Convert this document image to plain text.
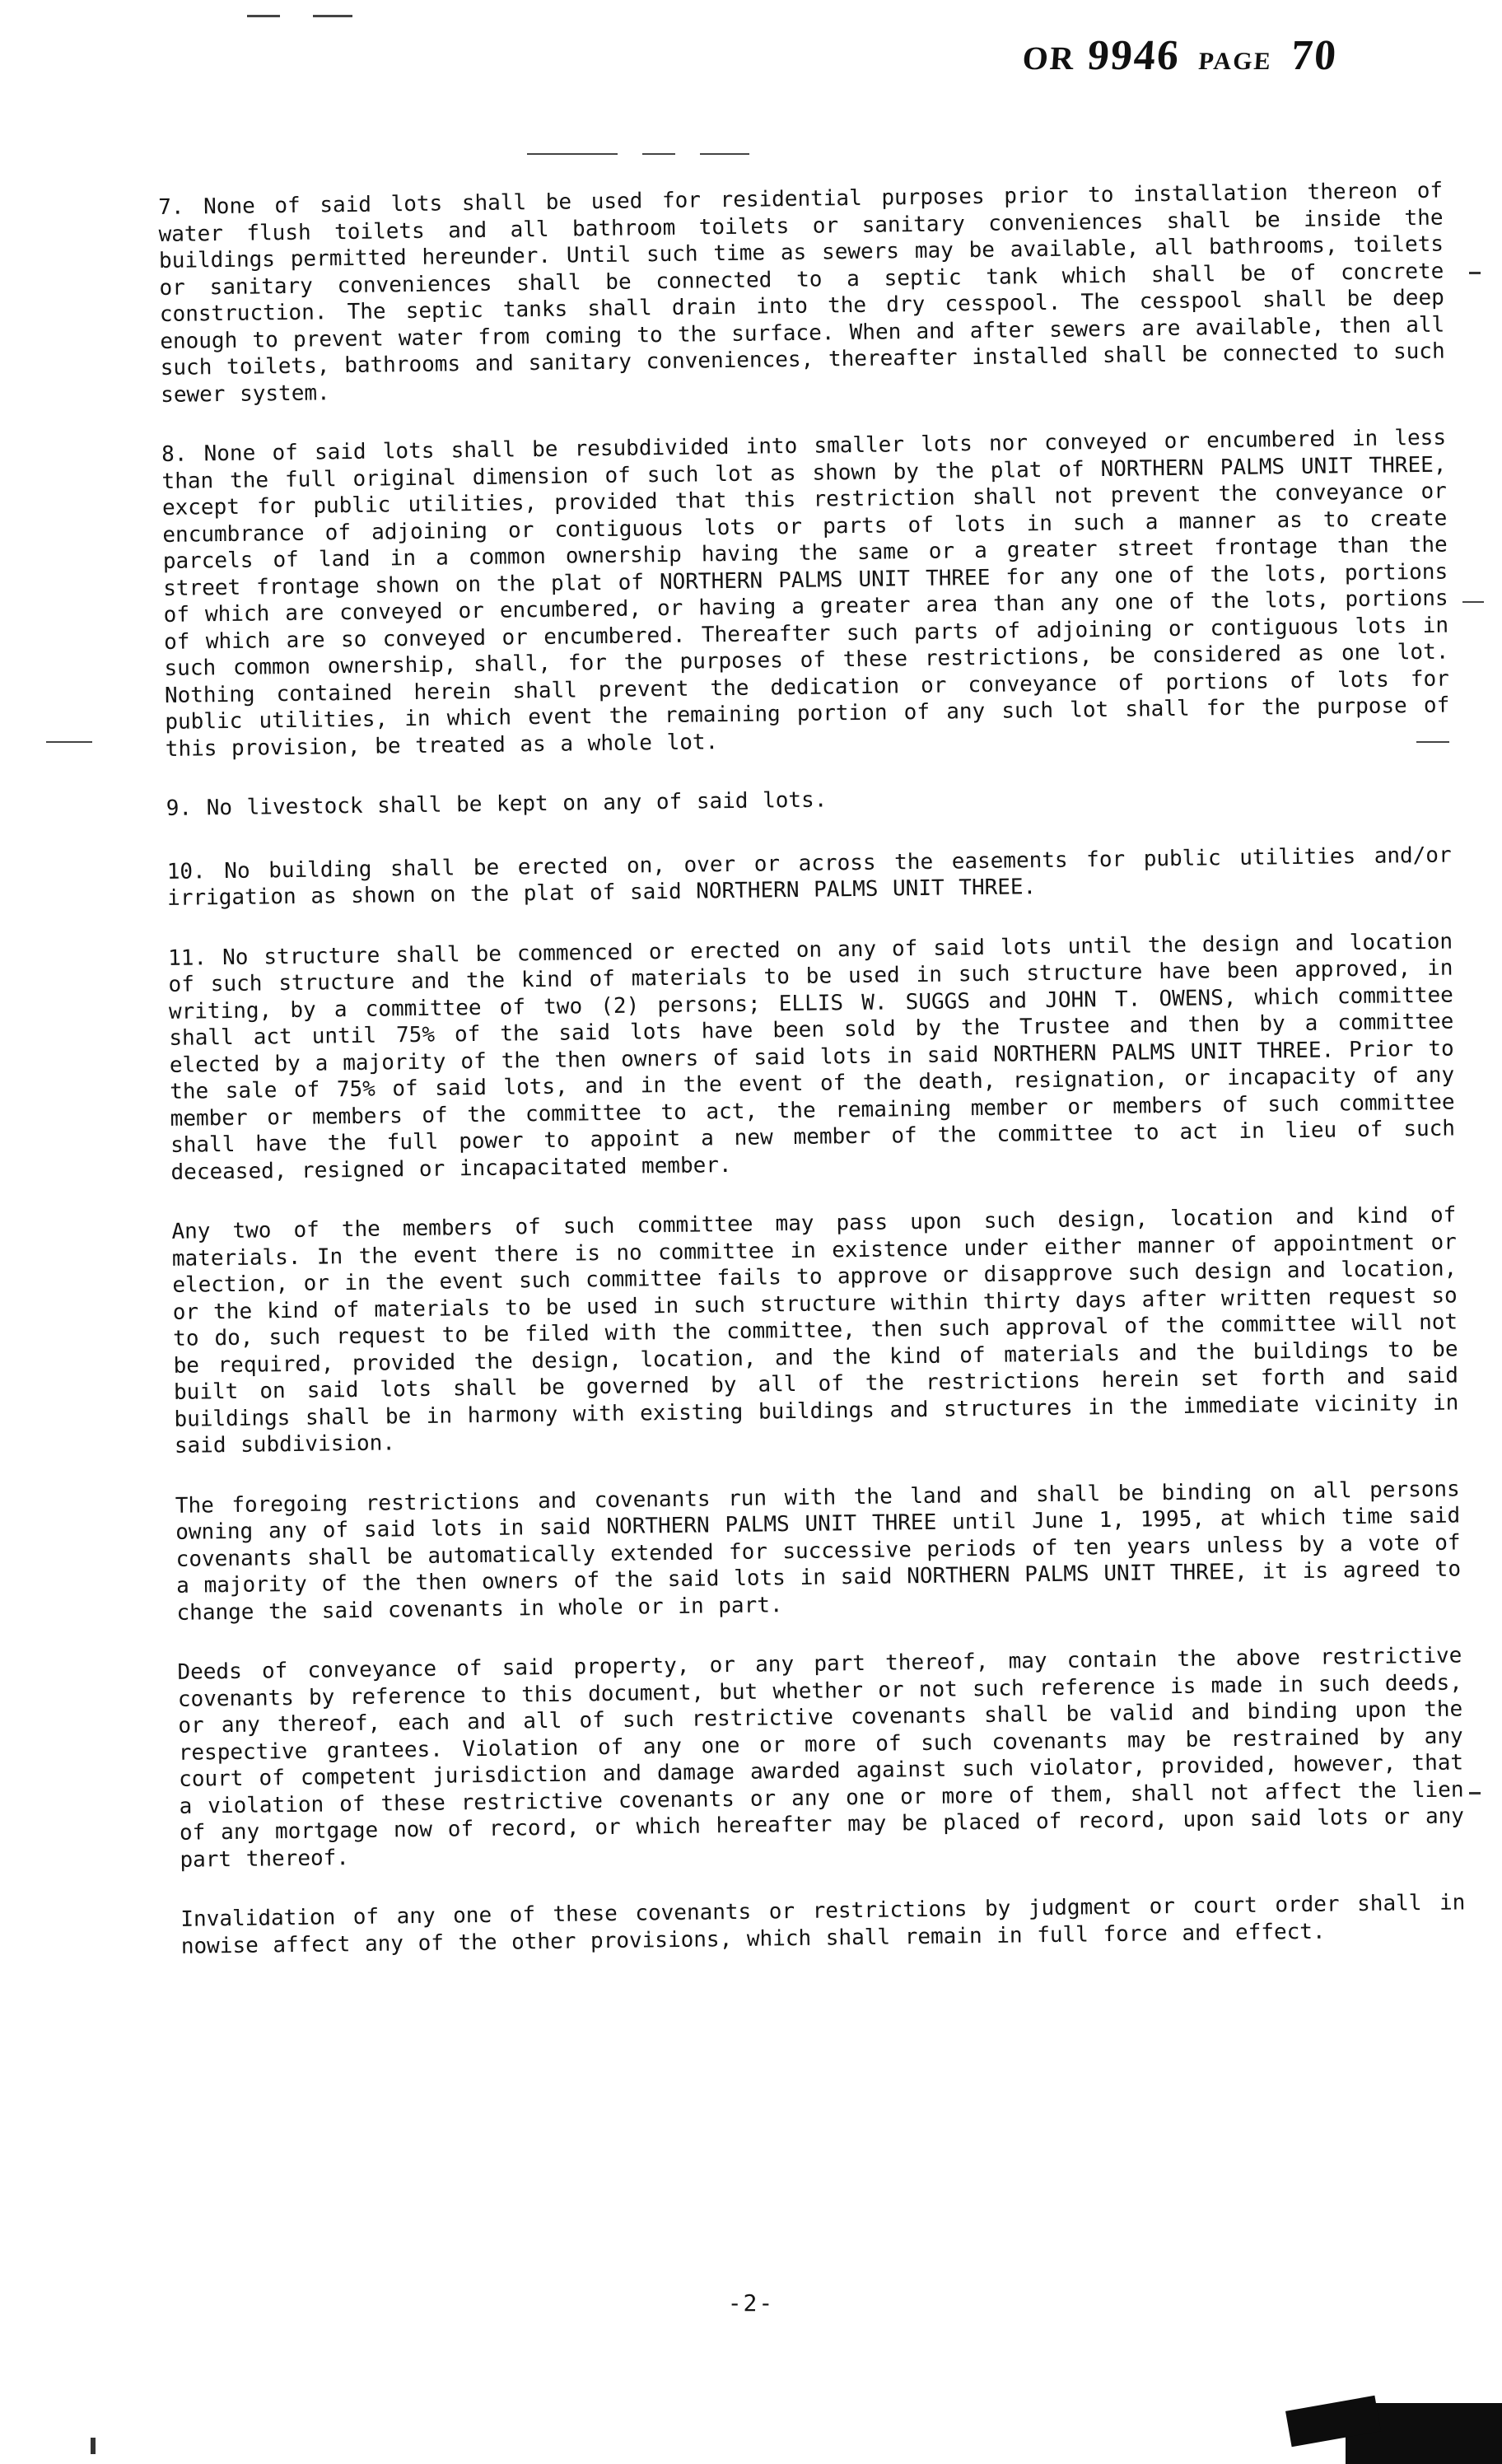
OR 9946 PAGE 70

7. None of said lots shall be used for residential purposes prior to installation thereon of water flush toilets and all bathroom toilets or sanitary conveniences shall be inside the buildings permitted hereunder. Until such time as sewers may be available, all bathrooms, toilets or sanitary conveniences shall be connected to a septic tank which shall be of concrete construction. The septic tanks shall drain into the dry cesspool. The cesspool shall be deep enough to prevent water from coming to the surface. When and after sewers are available, then all such toilets, bathrooms and sanitary conveniences, thereafter installed shall be connected to such sewer system.

8. None of said lots shall be resubdivided into smaller lots nor conveyed or encumbered in less than the full original dimension of such lot as shown by the plat of NORTHERN PALMS UNIT THREE, except for public utilities, provided that this restriction shall not prevent the conveyance or encumbrance of adjoining or contiguous lots or parts of lots in such a manner as to create parcels of land in a common ownership having the same or a greater street frontage than the street frontage shown on the plat of NORTHERN PALMS UNIT THREE for any one of the lots, portions of which are conveyed or encumbered, or having a greater area than any one of the lots, portions of which are so conveyed or encumbered. Thereafter such parts of adjoining or contiguous lots in such common ownership, shall, for the purposes of these restrictions, be considered as one lot. Nothing contained herein shall prevent the dedication or conveyance of portions of lots for public utilities, in which event the remaining portion of any such lot shall for the purpose of this provision, be treated as a whole lot.

9. No livestock shall be kept on any of said lots.

10. No building shall be erected on, over or across the easements for public utilities and/or irrigation as shown on the plat of said NORTHERN PALMS UNIT THREE.

11. No structure shall be commenced or erected on any of said lots until the design and location of such structure and the kind of materials to be used in such structure have been approved, in writing, by a committee of two (2) persons; ELLIS W. SUGGS and JOHN T. OWENS, which committee shall act until 75% of the said lots have been sold by the Trustee and then by a committee elected by a majority of the then owners of said lots in said NORTHERN PALMS UNIT THREE. Prior to the sale of 75% of said lots, and in the event of the death, resignation, or incapacity of any member or members of the committee to act, the remaining member or members of such committee shall have the full power to appoint a new member of the committee to act in lieu of such deceased, resigned or incapacitated member.

Any two of the members of such committee may pass upon such design, location and kind of materials. In the event there is no committee in existence under either manner of appointment or election, or in the event such committee fails to approve or disapprove such design and location, or the kind of materials to be used in such structure within thirty days after written request so to do, such request to be filed with the committee, then such approval of the committee will not be required, provided the design, location, and the kind of materials and the buildings to be built on said lots shall be governed by all of the restrictions herein set forth and said buildings shall be in harmony with existing buildings and structures in the immediate vicinity in said subdivision.

The foregoing restrictions and covenants run with the land and shall be binding on all persons owning any of said lots in said NORTHERN PALMS UNIT THREE until June 1, 1995, at which time said covenants shall be automatically extended for successive periods of ten years unless by a vote of a majority of the then owners of the said lots in said NORTHERN PALMS UNIT THREE, it is agreed to change the said covenants in whole or in part.

Deeds of conveyance of said property, or any part thereof, may contain the above restrictive covenants by reference to this document, but whether or not such reference is made in such deeds, or any thereof, each and all of such restrictive covenants shall be valid and binding upon the respective grantees. Violation of any one or more of such covenants may be restrained by any court of competent jurisdiction and damage awarded against such violator, provided, however, that a violation of these restrictive covenants or any one or more of them, shall not affect the lien of any mortgage now of record, or which hereafter may be placed of record, upon said lots or any part thereof.

Invalidation of any one of these covenants or restrictions by judgment or court order shall in nowise affect any of the other provisions, which shall remain in full force and effect.

-2-
